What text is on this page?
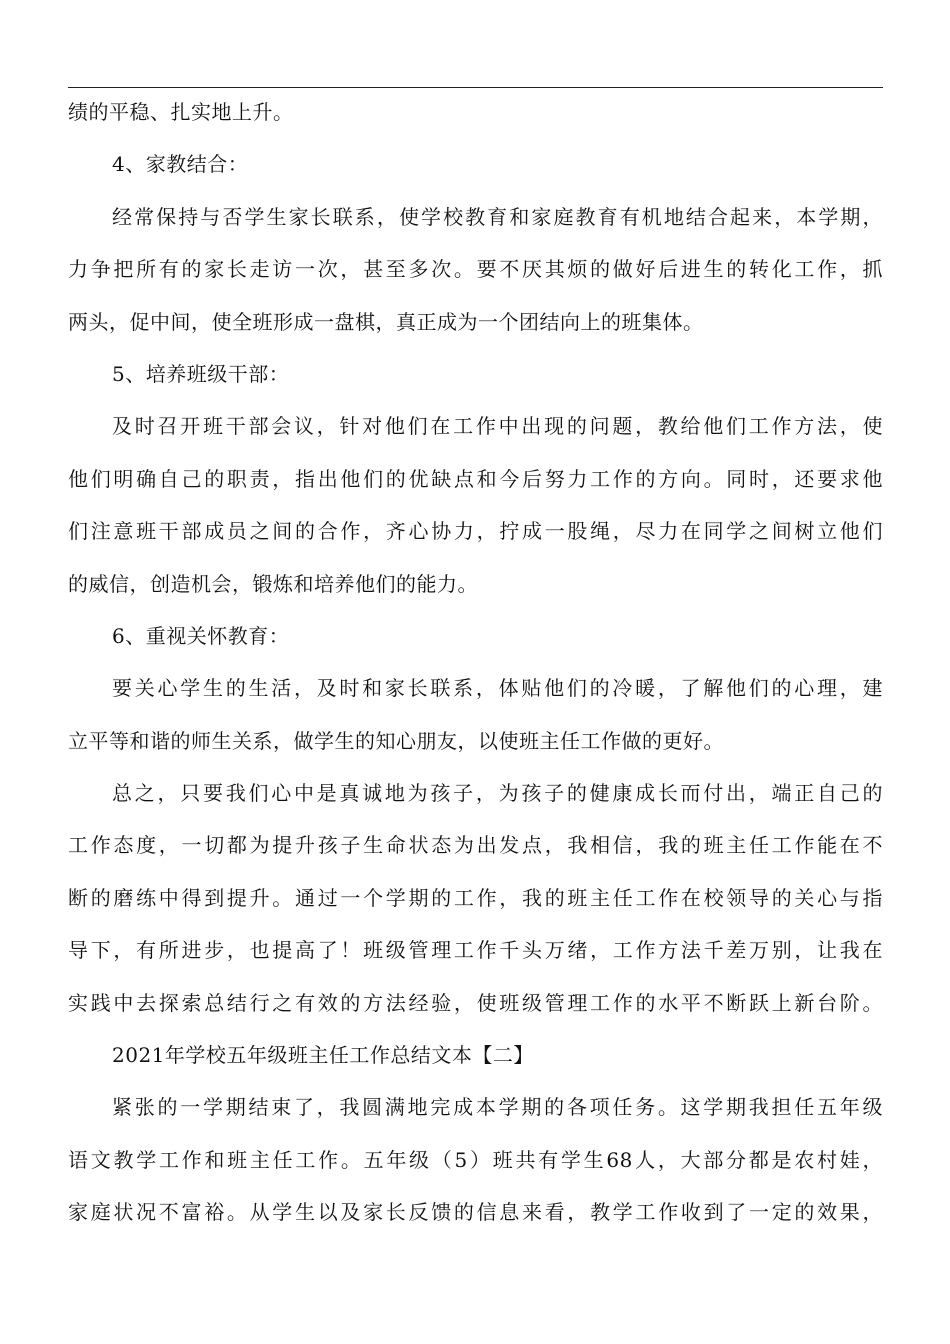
绩的平稳、扎实地上升。
4、家教结合：
经常保持与否学生家长联系，使学校教育和家庭教育有机地结合起来，本学期，
力争把所有的家长走访一次，甚至多次。要不厌其烦的做好后进生的转化工作，抓
两头，促中间，使全班形成一盘棋，真正成为一个团结向上的班集体。
5、培养班级干部：
及时召开班干部会议，针对他们在工作中出现的问题，教给他们工作方法，使
他们明确自己的职责，指出他们的优缺点和今后努力工作的方向。同时，还要求他
们注意班干部成员之间的合作，齐心协力，拧成一股绳，尽力在同学之间树立他们
的威信，创造机会，锻炼和培养他们的能力。
6、重视关怀教育：
要关心学生的生活，及时和家长联系，体贴他们的冷暖，了解他们的心理，建
立平等和谐的师生关系，做学生的知心朋友，以使班主任工作做的更好。
总之，只要我们心中是真诚地为孩子，为孩子的健康成长而付出，端正自己的
工作态度，一切都为提升孩子生命状态为出发点，我相信，我的班主任工作能在不
断的磨练中得到提升。通过一个学期的工作，我的班主任工作在校领导的关心与指
导下，有所进步，也提高了！班级管理工作千头万绪，工作方法千差万别，让我在
实践中去探索总结行之有效的方法经验，使班级管理工作的水平不断跃上新台阶。
2021年学校五年级班主任工作总结文本【二】
紧张的一学期结束了，我圆满地完成本学期的各项任务。这学期我担任五年级
语文教学工作和班主任工作。五年级（5）班共有学生68人，大部分都是农村娃，
家庭状况不富裕。从学生以及家长反馈的信息来看，教学工作收到了一定的效果，
